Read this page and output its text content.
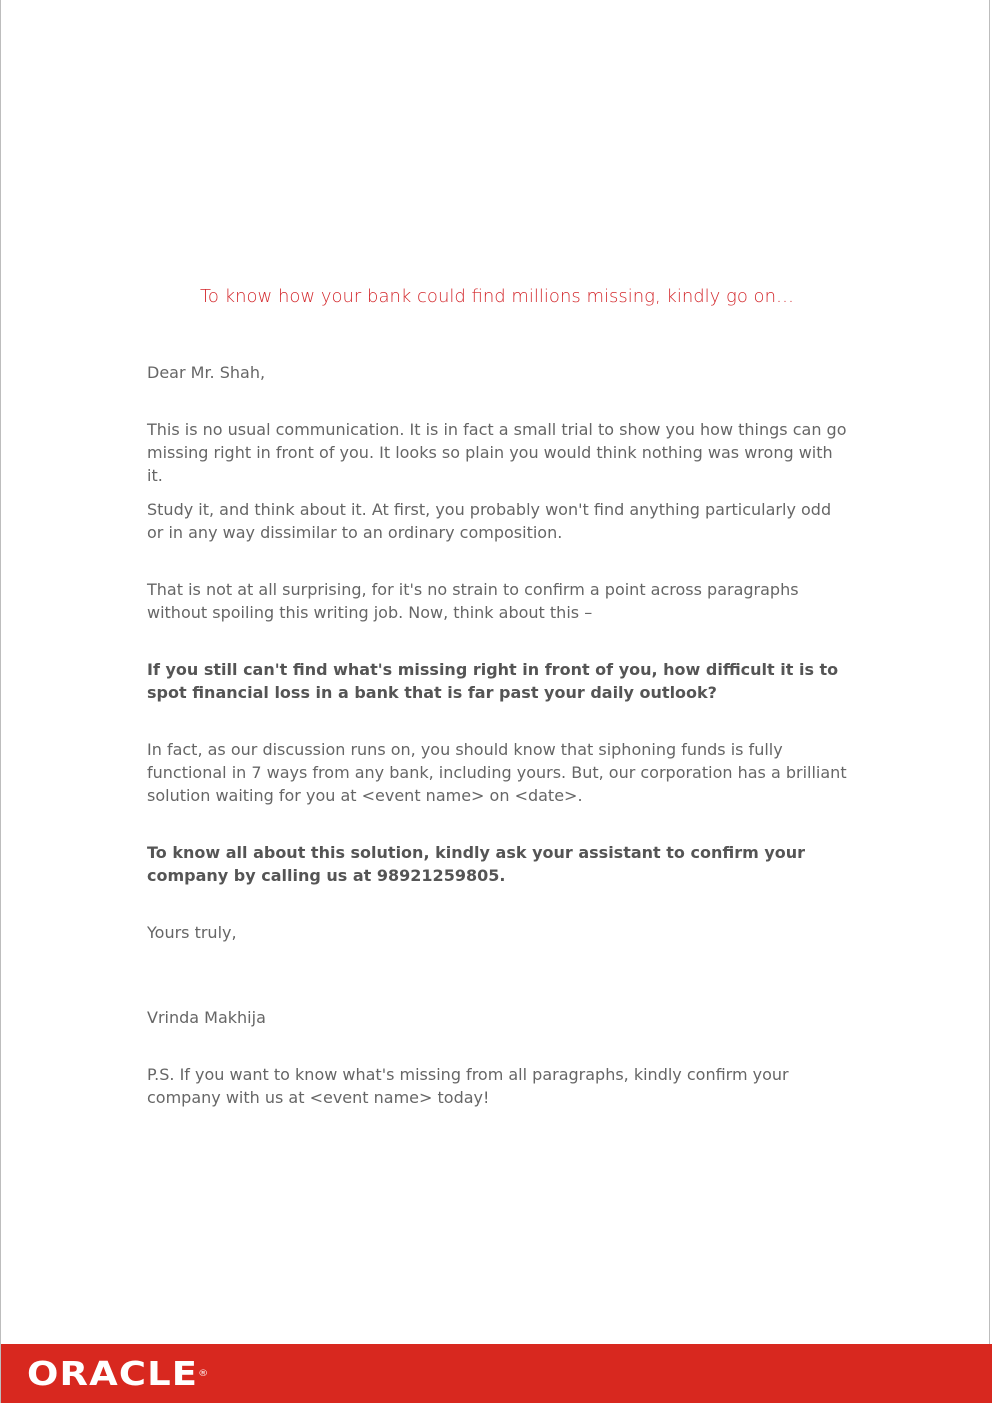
To know how your bank could find millions missing, kindly go on…

Dear Mr. Shah,

This is no usual communication. It is in fact a small trial to show you how things can go missing right in front of you. It looks so plain you would think nothing was wrong with it.

Study it, and think about it. At first, you probably won't find anything particularly odd or in any way dissimilar to an ordinary composition.

That is not at all surprising, for it's no strain to confirm a point across paragraphs without spoiling this writing job. Now, think about this –

If you still can't find what's missing right in front of you, how difficult it is to spot financial loss in a bank that is far past your daily outlook?

In fact, as our discussion runs on, you should know that siphoning funds is fully functional in 7 ways from any bank, including yours. But, our corporation has a brilliant solution waiting for you at <event name> on <date>.

To know all about this solution, kindly ask your assistant to confirm your company by calling us at 98921259805.

Yours truly,

Vrinda Makhija

P.S. If you want to know what's missing from all paragraphs, kindly confirm your company with us at <event name> today!

ORACLE®
